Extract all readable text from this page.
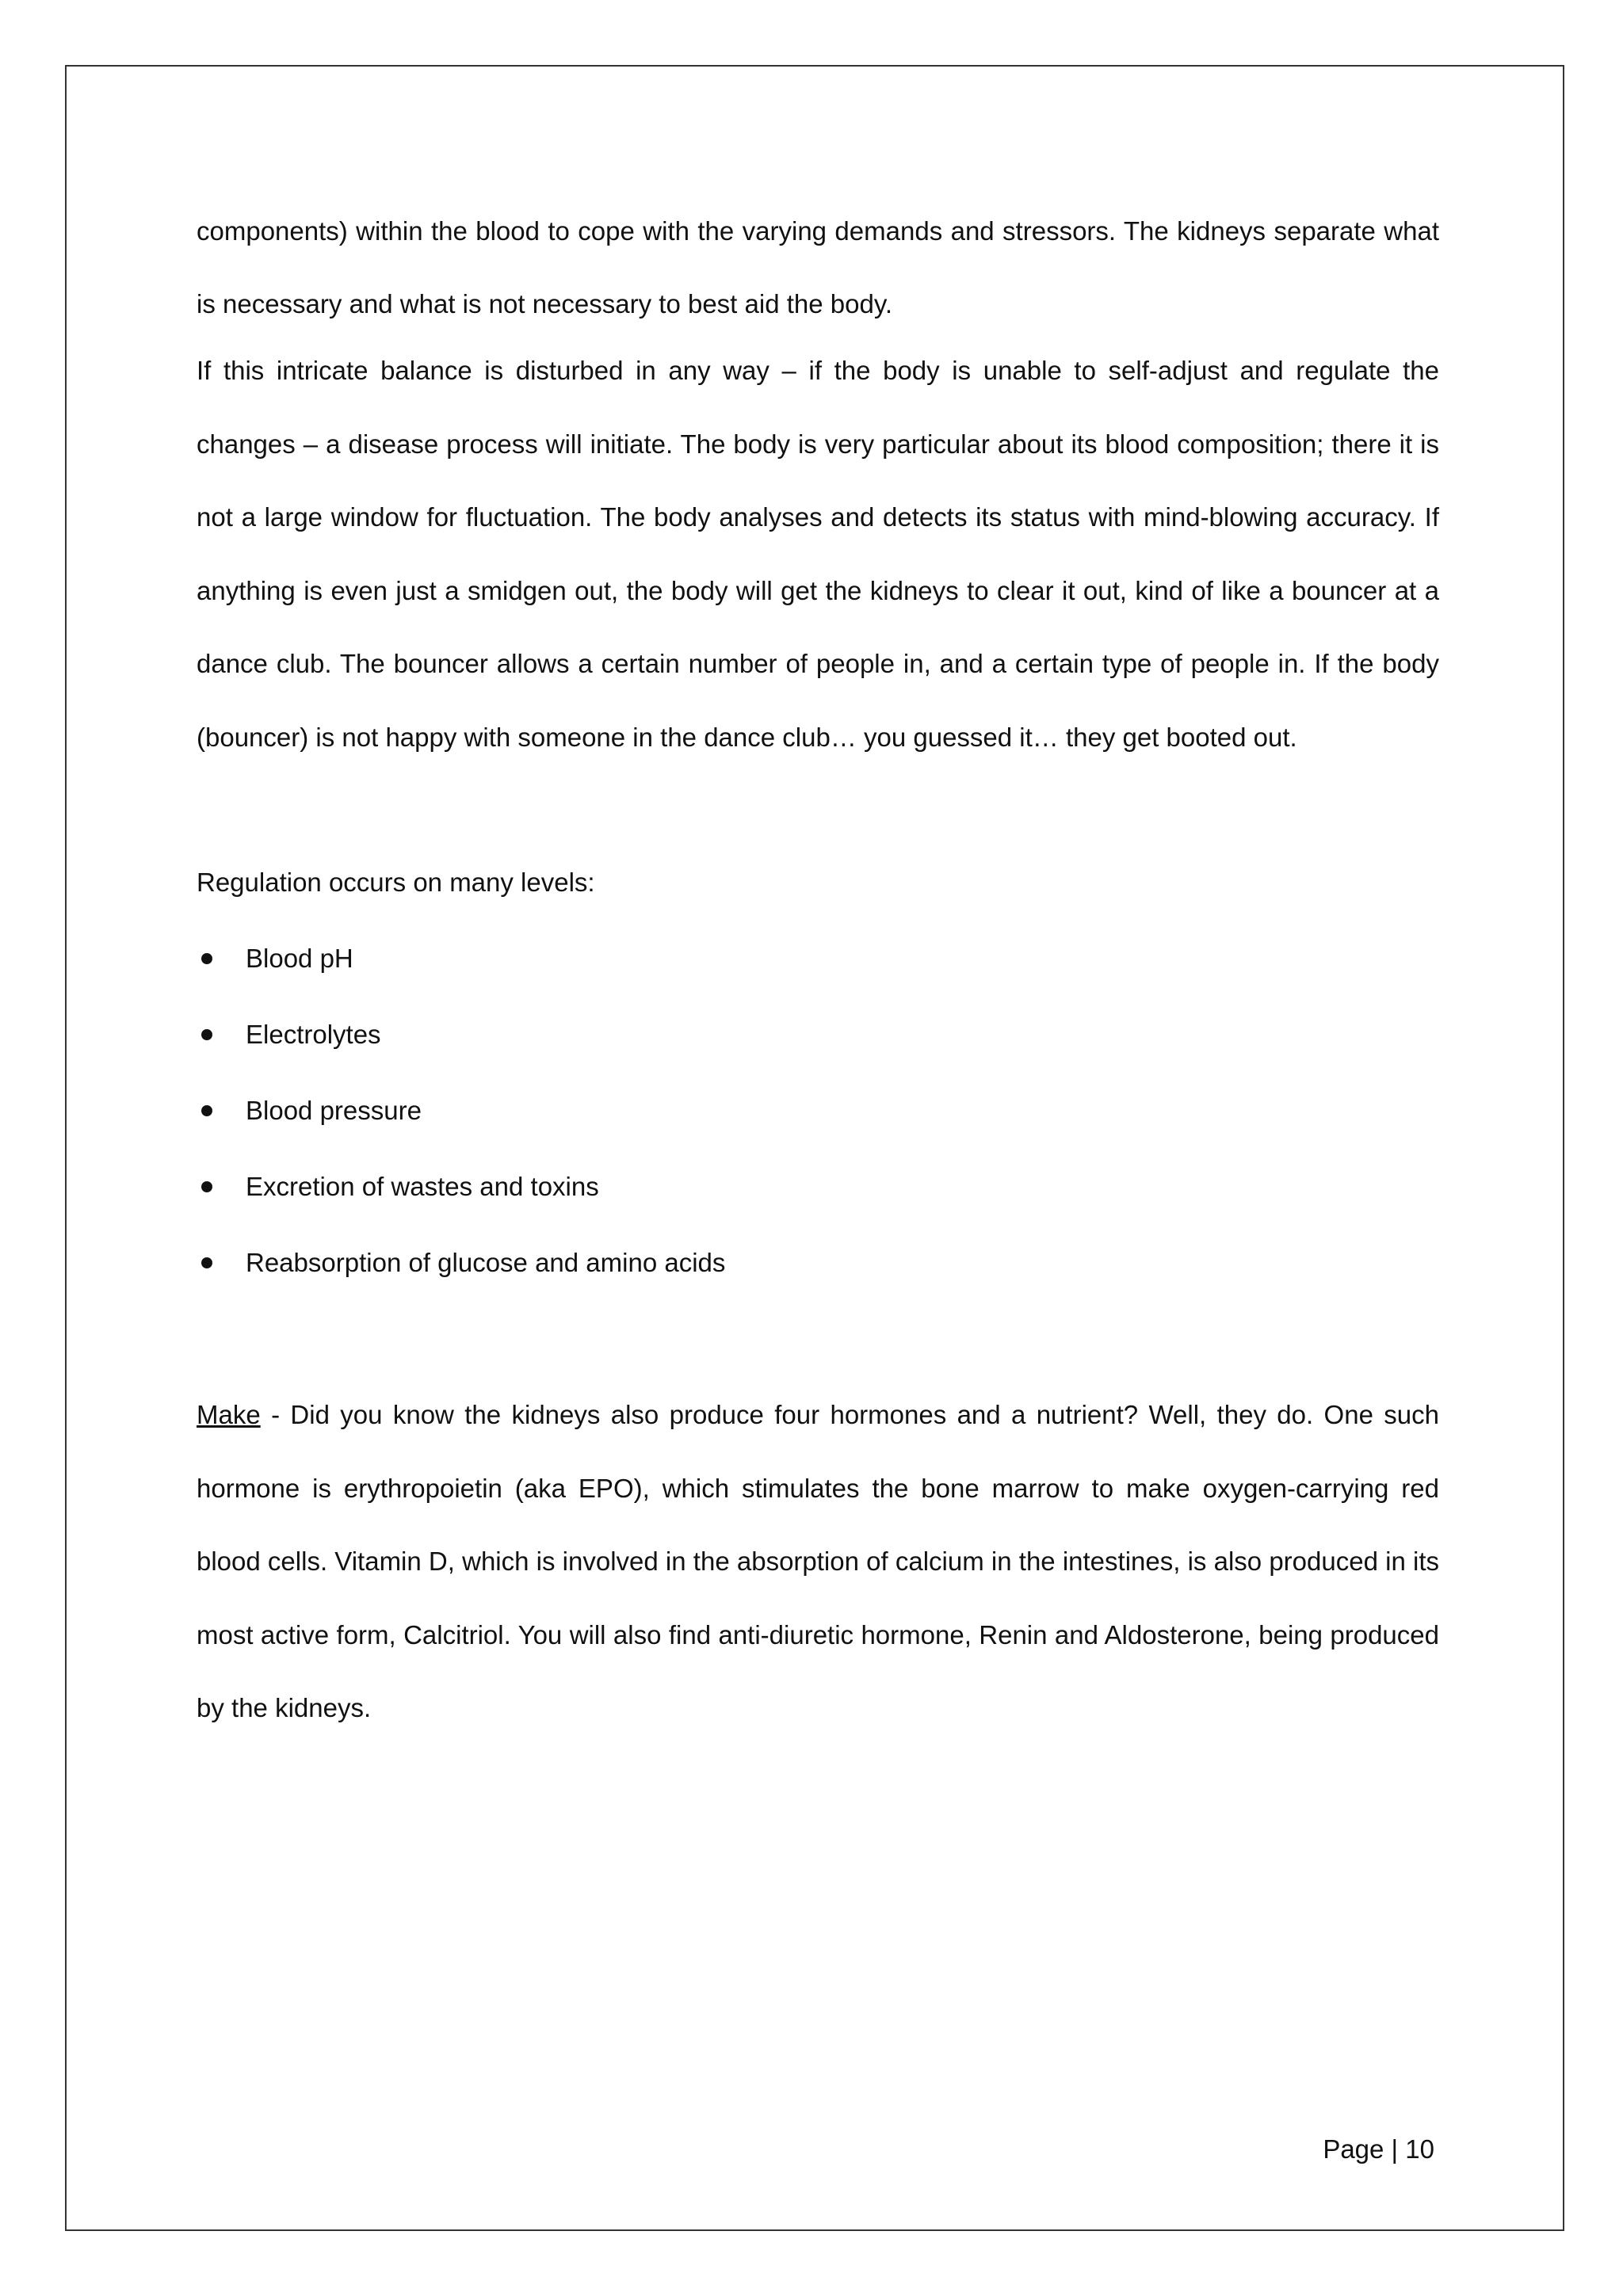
components) within the blood to cope with the varying demands and stressors. The kidneys separate what is necessary and what is not necessary to best aid the body.

If this intricate balance is disturbed in any way – if the body is unable to self-adjust and regulate the changes – a disease process will initiate. The body is very particular about its blood composition; there it is not a large window for fluctuation. The body analyses and detects its status with mind-blowing accuracy. If anything is even just a smidgen out, the body will get the kidneys to clear it out, kind of like a bouncer at a dance club. The bouncer allows a certain number of people in, and a certain type of people in. If the body (bouncer) is not happy with someone in the dance club… you guessed it… they get booted out.

Regulation occurs on many levels:

Blood pH
Electrolytes
Blood pressure
Excretion of wastes and toxins
Reabsorption of glucose and amino acids

Make - Did you know the kidneys also produce four hormones and a nutrient? Well, they do. One such hormone is erythropoietin (aka EPO), which stimulates the bone marrow to make oxygen-carrying red blood cells. Vitamin D, which is involved in the absorption of calcium in the intestines, is also produced in its most active form, Calcitriol. You will also find anti-diuretic hormone, Renin and Aldosterone, being produced by the kidneys.

Page | 10
